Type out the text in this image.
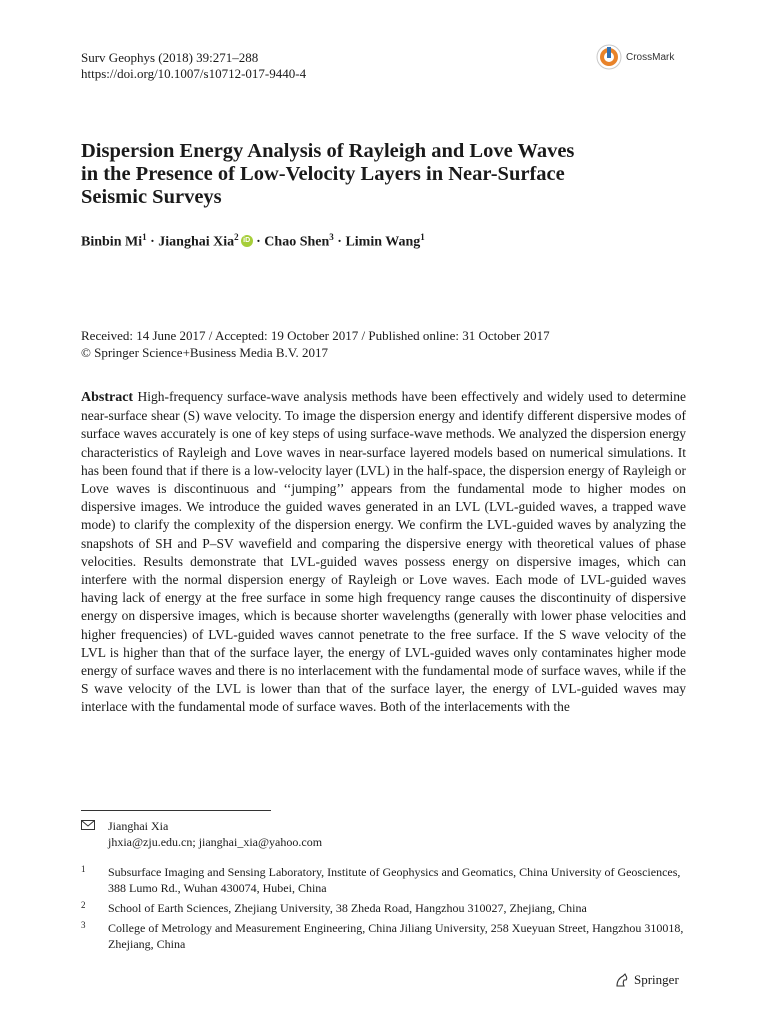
Surv Geophys (2018) 39:271–288
https://doi.org/10.1007/s10712-017-9440-4
CrossMark
Dispersion Energy Analysis of Rayleigh and Love Waves
in the Presence of Low-Velocity Layers in Near-Surface
Seismic Surveys
Binbin $Mi^1$ · Jianghai Xia$^2$ iD · Chao Shen$^3$ · Limin Wang$^1$
Received: 14 June 2017 / Accepted: 19 October 2017 / Published online: 31 October 2017
© Springer Science+Business Media B.V. 2017
Abstract High-frequency surface-wave analysis methods have been effectively and widely used to determine near-surface shear (S) wave velocity. To image the dispersion energy and identify different dispersive modes of surface waves accurately is one of key steps of using surface-wave methods. We analyzed the dispersion energy characteristics of Rayleigh and Love waves in near-surface layered models based on numerical simulations. It has been found that if there is a low-velocity layer (LVL) in the half-space, the dispersion energy of Rayleigh or Love waves is discontinuous and ‘‘jumping’’ appears from the fundamental mode to higher modes on dispersive images. We introduce the guided waves generated in an LVL (LVL-guided waves, a trapped wave mode) to clarify the complexity of the dispersion energy. We confirm the LVL-guided waves by analyzing the snapshots of SH and P–SV wavefield and comparing the dispersive energy with theoretical values of phase velocities. Results demonstrate that LVL-guided waves possess energy on dispersive images, which can interfere with the normal dispersion energy of Rayleigh or Love waves. Each mode of LVL-guided waves having lack of energy at the free surface in some high frequency range causes the discontinuity of dispersive energy on dispersive images, which is because shorter wavelengths (generally with lower phase velocities and higher frequencies) of LVL-guided waves cannot penetrate to the free surface. If the S wave velocity of the LVL is higher than that of the surface layer, the energy of LVL-guided waves only contaminates higher mode energy of surface waves and there is no interlacement with the fundamental mode of surface waves, while if the S wave velocity of the LVL is lower than that of the surface layer, the energy of LVL-guided waves may interlace with the fundamental mode of surface waves. Both of the interlacements with the
Jianghai Xia
jhxia@zju.edu.cn; jianghai_xia@yahoo.com
1 Subsurface Imaging and Sensing Laboratory, Institute of Geophysics and Geomatics, China University of Geosciences, 388 Lumo Rd., Wuhan 430074, Hubei, China
2 School of Earth Sciences, Zhejiang University, 38 Zheda Road, Hangzhou 310027, Zhejiang, China
3 College of Metrology and Measurement Engineering, China Jiliang University, 258 Xueyuan Street, Hangzhou 310018, Zhejiang, China
Springer
